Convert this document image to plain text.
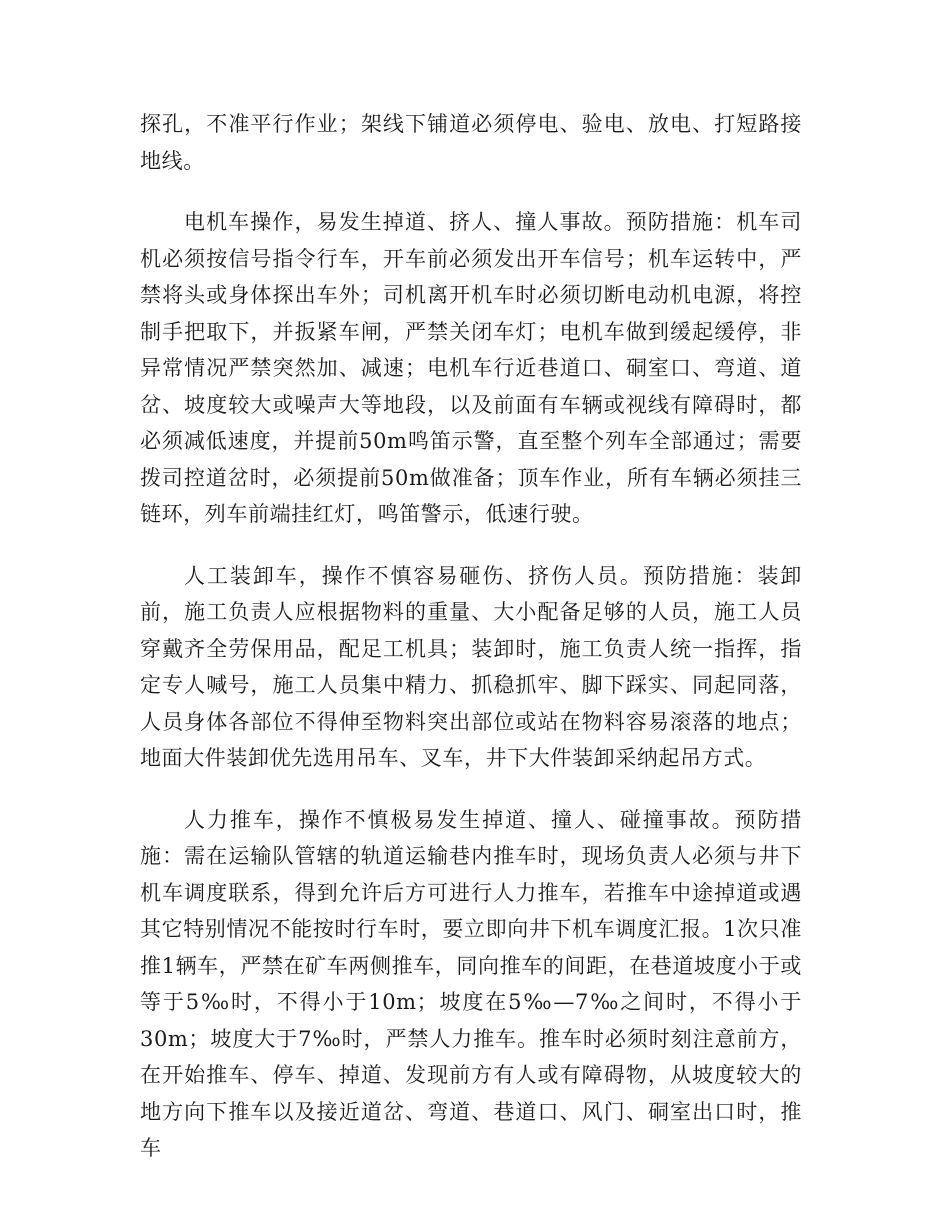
探孔，不准平行作业；架线下铺道必须停电、验电、放电、打短路接地线。

电机车操作，易发生掉道、挤人、撞人事故。预防措施：机车司机必须按信号指令行车，开车前必须发出开车信号；机车运转中，严禁将头或身体探出车外；司机离开机车时必须切断电动机电源，将控制手把取下，并扳紧车闸，严禁关闭车灯；电机车做到缓起缓停，非异常情况严禁突然加、减速；电机车行近巷道口、硐室口、弯道、道岔、坡度较大或噪声大等地段，以及前面有车辆或视线有障碍时，都必须减低速度，并提前50m鸣笛示警，直至整个列车全部通过；需要拨司控道岔时，必须提前50m做准备；顶车作业，所有车辆必须挂三链环，列车前端挂红灯，鸣笛警示，低速行驶。

人工装卸车，操作不慎容易砸伤、挤伤人员。预防措施：装卸前，施工负责人应根据物料的重量、大小配备足够的人员，施工人员穿戴齐全劳保用品，配足工机具；装卸时，施工负责人统一指挥，指定专人喊号，施工人员集中精力、抓稳抓牢、脚下踩实、同起同落，人员身体各部位不得伸至物料突出部位或站在物料容易滚落的地点；地面大件装卸优先选用吊车、叉车，井下大件装卸采纳起吊方式。

人力推车，操作不慎极易发生掉道、撞人、碰撞事故。预防措施：需在运输队管辖的轨道运输巷内推车时，现场负责人必须与井下机车调度联系，得到允许后方可进行人力推车，若推车中途掉道或遇其它特别情况不能按时行车时，要立即向井下机车调度汇报。1次只准推1辆车，严禁在矿车两侧推车，同向推车的间距，在巷道坡度小于或等于5‰时，不得小于10m；坡度在5‰—7‰之间时，不得小于30m；坡度大于7‰时，严禁人力推车。推车时必须时刻注意前方，在开始推车、停车、掉道、发现前方有人或有障碍物，从坡度较大的地方向下推车以及接近道岔、弯道、巷道口、风门、硐室出口时，推车
